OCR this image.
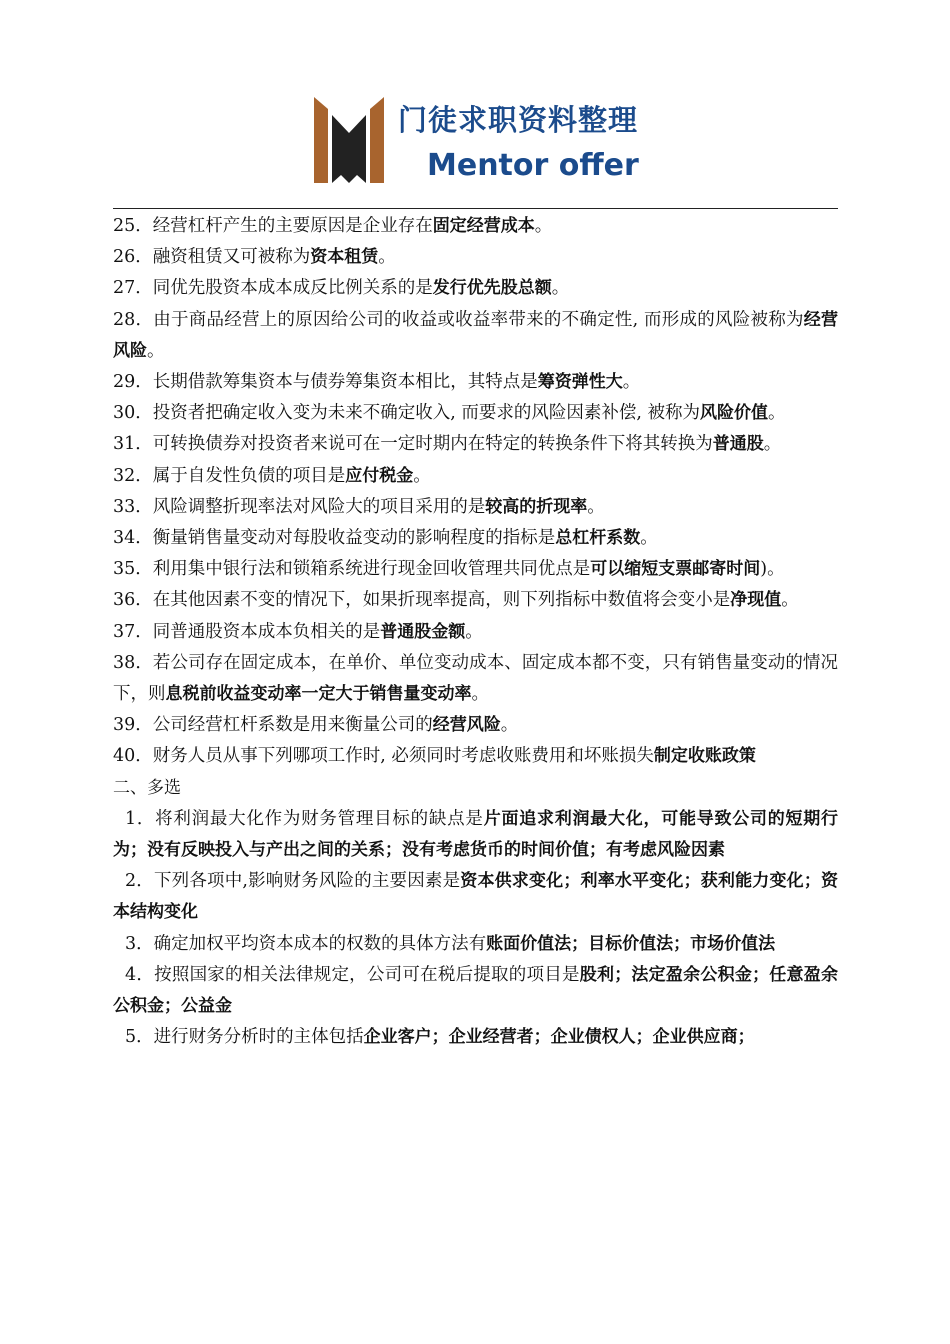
门徒求职资料整理
Mentor offer

25．经营杠杆产生的主要原因是企业存在固定经营成本。

26．融资租赁又可被称为资本租赁。

27．同优先股资本成本成反比例关系的是发行优先股总额。

28．由于商品经营上的原因给公司的收益或收益率带来的不确定性, 而形成的风险被称为经营风险。

29．长期借款筹集资本与债券筹集资本相比，其特点是筹资弹性大。

30．投资者把确定收入变为未来不确定收入, 而要求的风险因素补偿, 被称为风险价值。

31．可转换债券对投资者来说可在一定时期内在特定的转换条件下将其转换为普通股。

32．属于自发性负债的项目是应付税金。

33．风险调整折现率法对风险大的项目采用的是较高的折现率。

34．衡量销售量变动对每股收益变动的影响程度的指标是总杠杆系数。

35．利用集中银行法和锁箱系统进行现金回收管理共同优点是可以缩短支票邮寄时间)。

36．在其他因素不变的情况下，如果折现率提高，则下列指标中数值将会变小是净现值。

37．同普通股资本成本负相关的是普通股金额。

38．若公司存在固定成本，在单价、单位变动成本、固定成本都不变，只有销售量变动的情况下，则息税前收益变动率一定大于销售量变动率。

39．公司经营杠杆系数是用来衡量公司的经营风险。

40．财务人员从事下列哪项工作时, 必须同时考虑收账费用和坏账损失制定收账政策

二、多选

1．将利润最大化作为财务管理目标的缺点是片面追求利润最大化，可能导致公司的短期行为；没有反映投入与产出之间的关系；没有考虑货币的时间价值；有考虑风险因素

2．下列各项中,影响财务风险的主要因素是资本供求变化；利率水平变化；获利能力变化；资本结构变化

3．确定加权平均资本成本的权数的具体方法有账面价值法；目标价值法；市场价值法

4．按照国家的相关法律规定，公司可在税后提取的项目是股利；法定盈余公积金；任意盈余公积金；公益金

5．进行财务分析时的主体包括企业客户；企业经营者；企业债权人；企业供应商；
